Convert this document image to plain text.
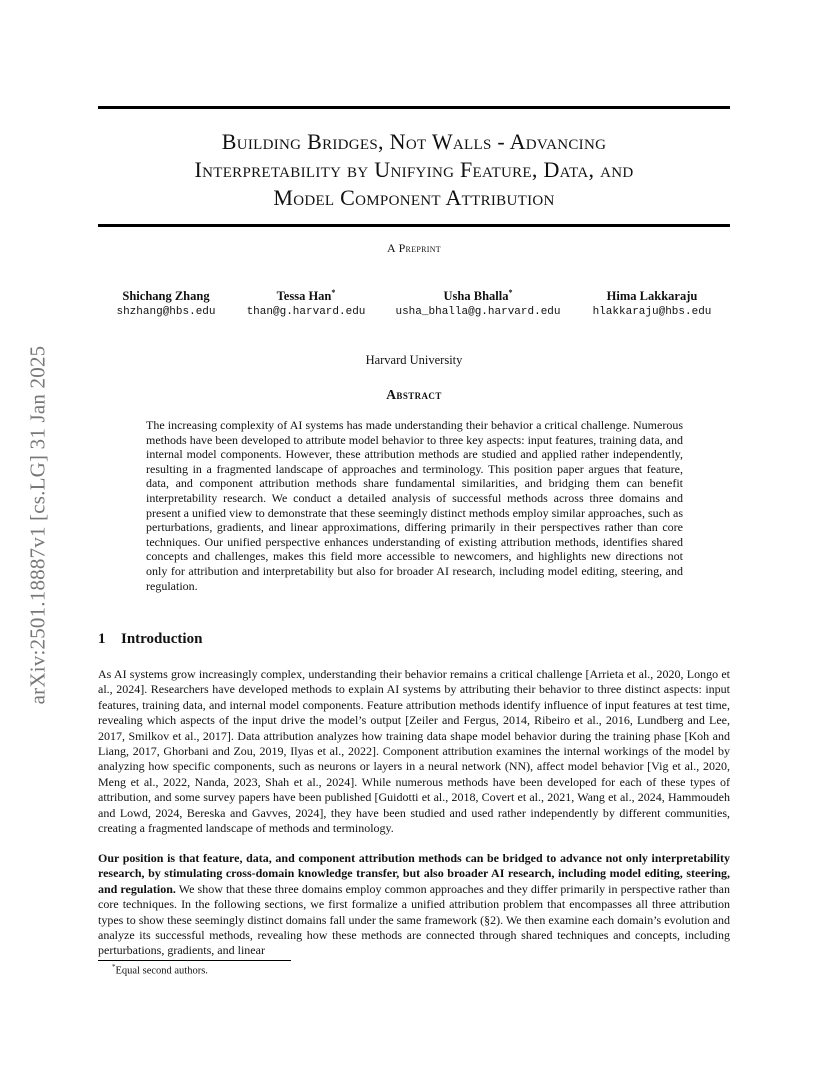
arXiv:2501.18887v1 [cs.LG] 31 Jan 2025
Building Bridges, Not Walls - Advancing
Interpretability by Unifying Feature, Data, and
Model Component Attribution
A Preprint
Shichang Zhang
shzhang@hbs.edu
Tessa Han*
than@g.harvard.edu
Usha Bhalla*
usha_bhalla@g.harvard.edu
Hima Lakkaraju
hlakkaraju@hbs.edu
Harvard University
Abstract

The increasing complexity of AI systems has made understanding their behavior a critical challenge. Numerous methods have been developed to attribute model behavior to three key aspects: input features, training data, and internal model components. However, these attribution methods are studied and applied rather independently, resulting in a fragmented landscape of approaches and terminology. This position paper argues that feature, data, and component attribution methods share fundamental similarities, and bridging them can benefit interpretability research. We conduct a detailed analysis of successful methods across three domains and present a unified view to demonstrate that these seemingly distinct methods employ similar approaches, such as perturbations, gradients, and linear approximations, differing primarily in their perspectives rather than core techniques. Our unified perspective enhances understanding of existing attribution methods, identifies shared concepts and challenges, makes this field more accessible to newcomers, and highlights new directions not only for attribution and interpretability but also for broader AI research, including model editing, steering, and regulation.

1 Introduction

As AI systems grow increasingly complex, understanding their behavior remains a critical challenge [Arrieta et al., 2020, Longo et al., 2024]. Researchers have developed methods to explain AI systems by attributing their behavior to three distinct aspects: input features, training data, and internal model components. Feature attribution methods identify influence of input features at test time, revealing which aspects of the input drive the model’s output [Zeiler and Fergus, 2014, Ribeiro et al., 2016, Lundberg and Lee, 2017, Smilkov et al., 2017]. Data attribution analyzes how training data shape model behavior during the training phase [Koh and Liang, 2017, Ghorbani and Zou, 2019, Ilyas et al., 2022]. Component attribution examines the internal workings of the model by analyzing how specific components, such as neurons or layers in a neural network (NN), affect model behavior [Vig et al., 2020, Meng et al., 2022, Nanda, 2023, Shah et al., 2024]. While numerous methods have been developed for each of these types of attribution, and some survey papers have been published [Guidotti et al., 2018, Covert et al., 2021, Wang et al., 2024, Hammoudeh and Lowd, 2024, Bereska and Gavves, 2024], they have been studied and used rather independently by different communities, creating a fragmented landscape of methods and terminology.

Our position is that feature, data, and component attribution methods can be bridged to advance not only interpretability research, by stimulating cross-domain knowledge transfer, but also broader AI research, including model editing, steering, and regulation. We show that these three domains employ common approaches and they differ primarily in perspective rather than core techniques. In the following sections, we first formalize a unified attribution problem that encompasses all three attribution types to show these seemingly distinct domains fall under the same framework (§2). We then examine each domain’s evolution and analyze its successful methods, revealing how these methods are connected through shared techniques and concepts, including perturbations, gradients, and linear

*Equal second authors.
